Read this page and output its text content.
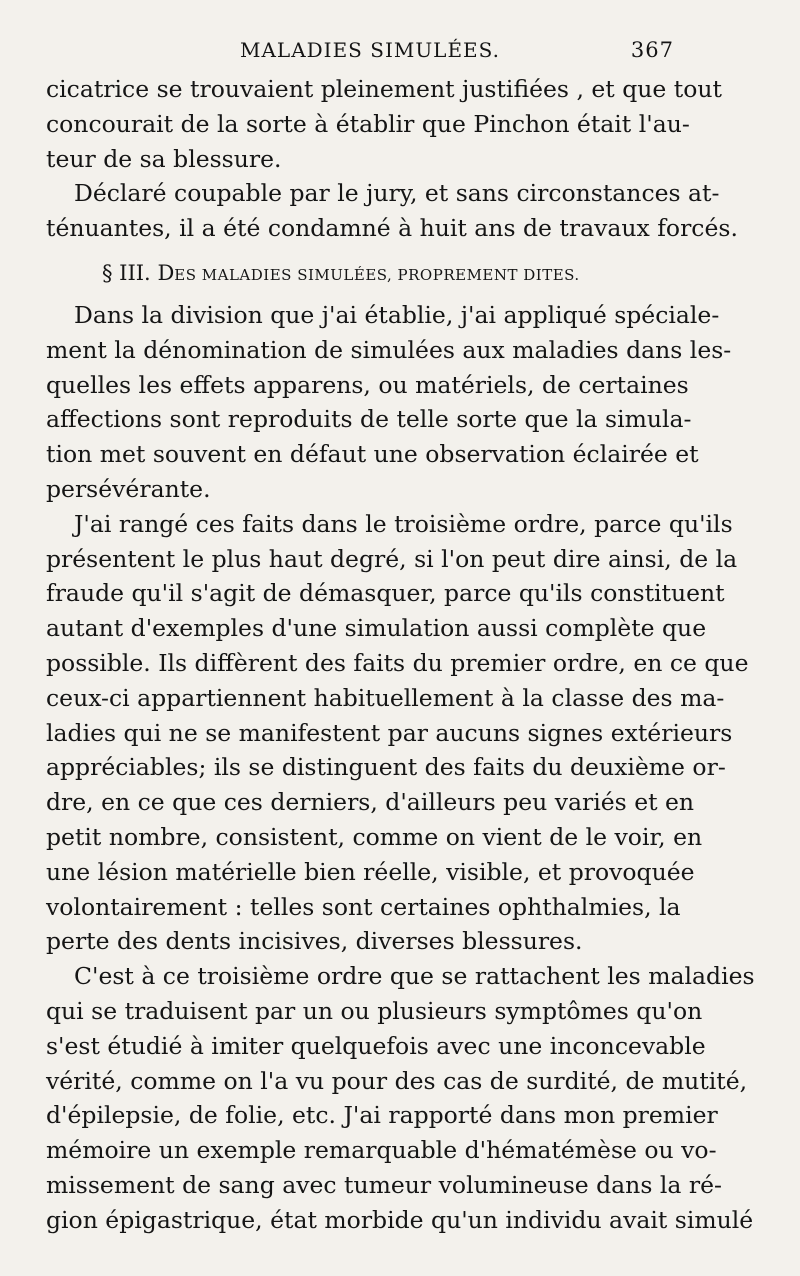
MALADIES SIMULÉES.	367
cicatrice se trouvaient pleinement justifiées , et que tout
concourait de la sorte à établir que Pinchon était l'au-
teur de sa blessure.
Déclaré coupable par le jury, et sans circonstances at-
ténuantes, il a été condamné à huit ans de travaux forcés.
§ III. DES MALADIES SIMULÉES, PROPREMENT DITES.
Dans la division que j'ai établie, j'ai appliqué spéciale-
ment la dénomination de simulées aux maladies dans les-
quelles les effets apparens, ou matériels, de certaines
affections sont reproduits de telle sorte que la simula-
tion met souvent en défaut une observation éclairée et
persévérante.
J'ai rangé ces faits dans le troisième ordre, parce qu'ils
présentent le plus haut degré, si l'on peut dire ainsi, de la
fraude qu'il s'agit de démasquer, parce qu'ils constituent
autant d'exemples d'une simulation aussi complète que
possible. Ils diffèrent des faits du premier ordre, en ce que
ceux-ci appartiennent habituellement à la classe des ma-
ladies qui ne se manifestent par aucuns signes extérieurs
appréciables; ils se distinguent des faits du deuxième or-
dre, en ce que ces derniers, d'ailleurs peu variés et en
petit nombre, consistent, comme on vient de le voir, en
une lésion matérielle bien réelle, visible, et provoquée
volontairement : telles sont certaines ophthalmies, la
perte des dents incisives, diverses blessures.
C'est à ce troisième ordre que se rattachent les maladies
qui se traduisent par un ou plusieurs symptômes qu'on
s'est étudié à imiter quelquefois avec une inconcevable
vérité, comme on l'a vu pour des cas de surdité, de mutité,
d'épilepsie, de folie, etc. J'ai rapporté dans mon premier
mémoire un exemple remarquable d'hématémèse ou vo-
missement de sang avec tumeur volumineuse dans la ré-
gion épigastrique, état morbide qu'un individu avait simulé
